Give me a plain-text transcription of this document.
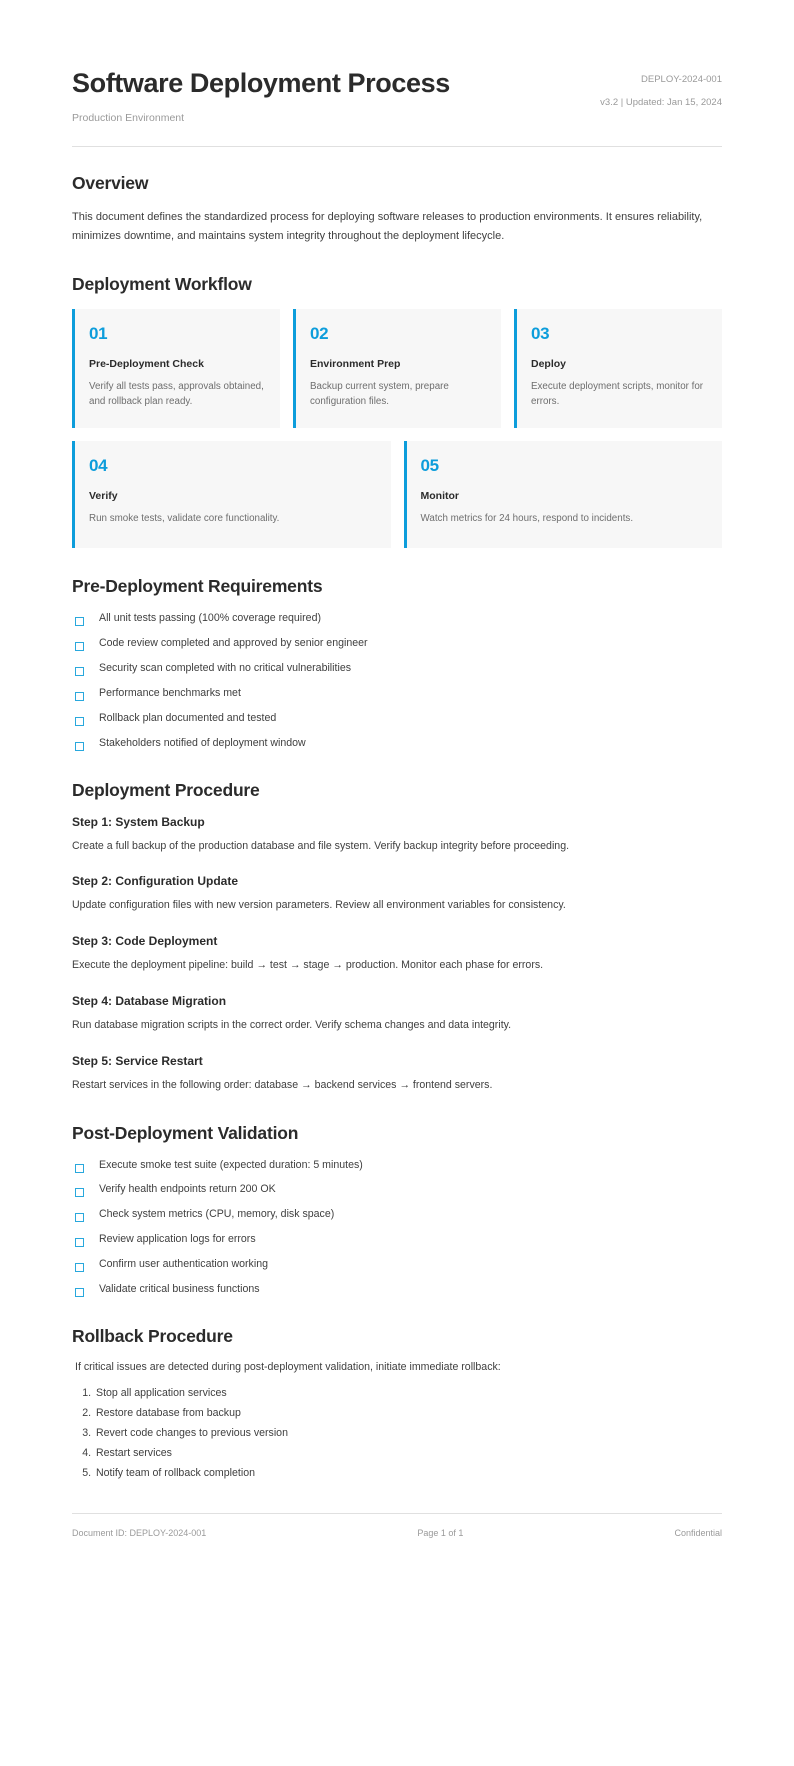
Software Deployment Process

Production Environment

DEPLOY-2024-001

v3.2 | Updated: Jan 15, 2024

Overview

This document defines the standardized process for deploying software releases to production environments. It ensures reliability, minimizes downtime, and maintains system integrity throughout the deployment lifecycle.

Deployment Workflow
01
Pre-Deployment Check
Verify all tests pass, approvals obtained, and rollback plan ready.
02
Environment Prep
Backup current system, prepare configuration files.
03
Deploy
Execute deployment scripts, monitor for errors.
04
Verify
Run smoke tests, validate core functionality.
05
Monitor
Watch metrics for 24 hours, respond to incidents.
Pre-Deployment Requirements
All unit tests passing (100% coverage required)
Code review completed and approved by senior engineer
Security scan completed with no critical vulnerabilities
Performance benchmarks met
Rollback plan documented and tested
Stakeholders notified of deployment window
Deployment Procedure
Step 1: System Backup

Create a full backup of the production database and file system. Verify backup integrity before proceeding.

Step 2: Configuration Update

Update configuration files with new version parameters. Review all environment variables for consistency.

Step 3: Code Deployment

Execute the deployment pipeline: build → test → stage → production. Monitor each phase for errors.

Step 4: Database Migration

Run database migration scripts in the correct order. Verify schema changes and data integrity.

Step 5: Service Restart

Restart services in the following order: database → backend services → frontend servers.

Post-Deployment Validation
Execute smoke test suite (expected duration: 5 minutes)
Verify health endpoints return 200 OK
Check system metrics (CPU, memory, disk space)
Review application logs for errors
Confirm user authentication working
Validate critical business functions
Rollback Procedure

If critical issues are detected during post-deployment validation, initiate immediate rollback:

1. Stop all application services
2. Restore database from backup
3. Revert code changes to previous version
4. Restart services
5. Notify team of rollback completion
Document ID: DEPLOY-2024-001	Page 1 of 1	Confidential
